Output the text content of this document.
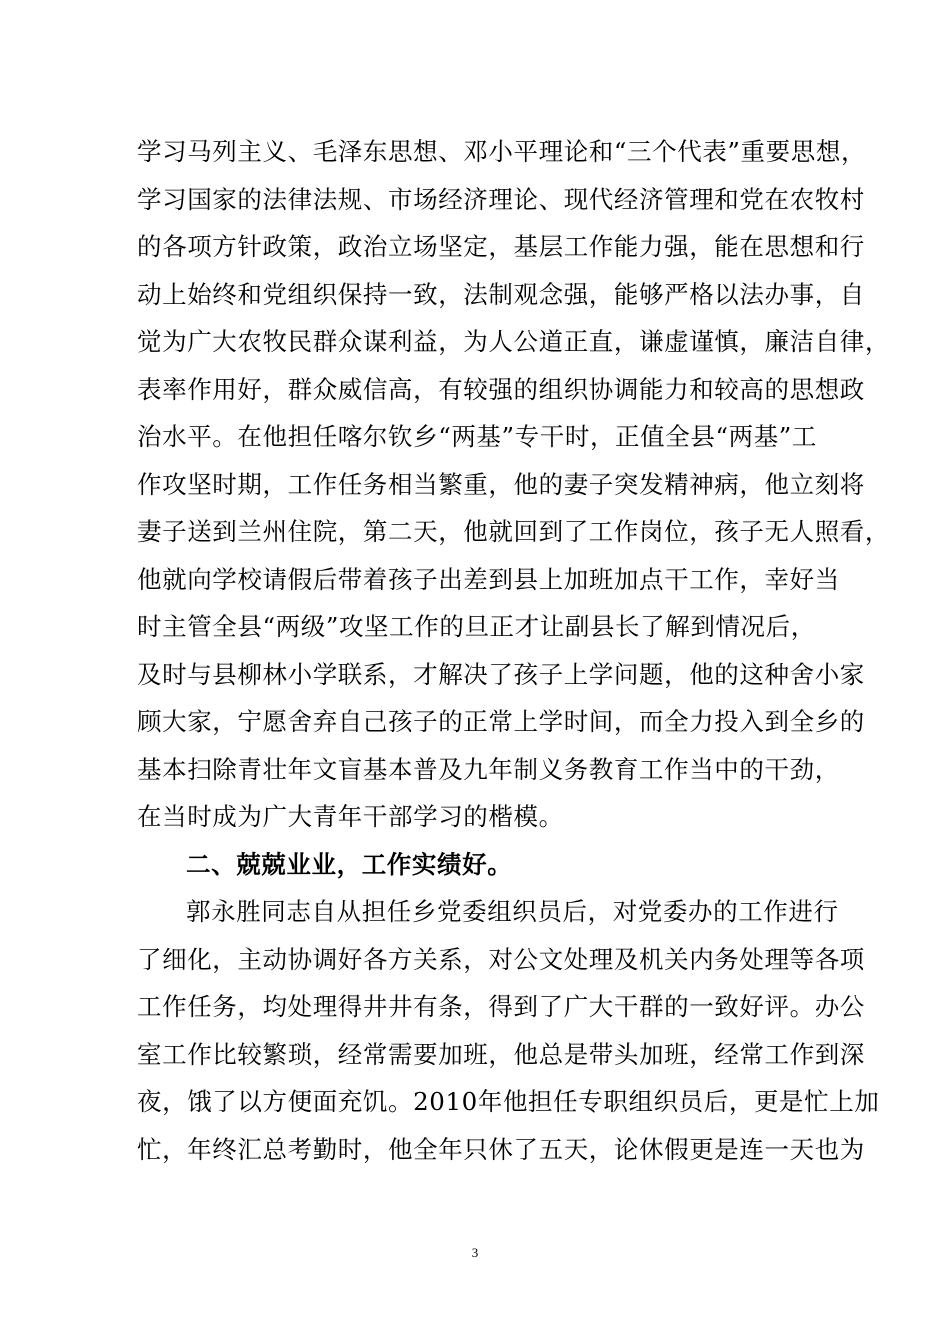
学习马列主义、毛泽东思想、邓小平理论和“三个代表”重要思想，
学习国家的法律法规、市场经济理论、现代经济管理和党在农牧村
的各项方针政策，政治立场坚定，基层工作能力强，能在思想和行
动上始终和党组织保持一致，法制观念强，能够严格以法办事，自
觉为广大农牧民群众谋利益，为人公道正直，谦虚谨慎，廉洁自律，
表率作用好，群众威信高，有较强的组织协调能力和较高的思想政
治水平。在他担任喀尔钦乡“两基”专干时，正值全县“两基”工
作攻坚时期，工作任务相当繁重，他的妻子突发精神病，他立刻将
妻子送到兰州住院，第二天，他就回到了工作岗位，孩子无人照看，
他就向学校请假后带着孩子出差到县上加班加点干工作，幸好当
时主管全县“两级”攻坚工作的旦正才让副县长了解到情况后，
及时与县柳林小学联系，才解决了孩子上学问题，他的这种舍小家
顾大家，宁愿舍弃自己孩子的正常上学时间，而全力投入到全乡的
基本扫除青壮年文盲基本普及九年制义务教育工作当中的干劲，
在当时成为广大青年干部学习的楷模。
二、兢兢业业，工作实绩好。
郭永胜同志自从担任乡党委组织员后，对党委办的工作进行
了细化，主动协调好各方关系，对公文处理及机关内务处理等各项
工作任务，均处理得井井有条，得到了广大干群的一致好评。办公
室工作比较繁琐，经常需要加班，他总是带头加班，经常工作到深
夜，饿了以方便面充饥。2010年他担任专职组织员后，更是忙上加
忙，年终汇总考勤时，他全年只休了五天，论休假更是连一天也为
3
